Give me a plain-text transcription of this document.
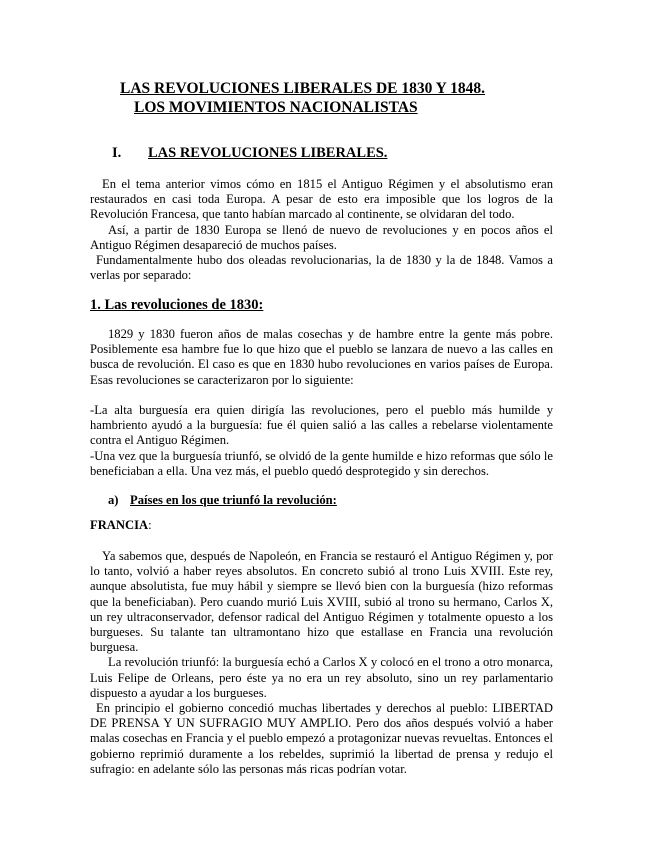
LAS REVOLUCIONES LIBERALES DE 1830 Y 1848.
LOS MOVIMIENTOS NACIONALISTAS
I. LAS REVOLUCIONES LIBERALES.

En el tema anterior vimos cómo en 1815 el Antiguo Régimen y el absolutismo eran restaurados en casi toda Europa. A pesar de esto era imposible que los logros de la Revolución Francesa, que tanto habían marcado al continente, se olvidaran del todo.

Así, a partir de 1830 Europa se llenó de nuevo de revoluciones y en pocos años el Antiguo Régimen desapareció de muchos países.

Fundamentalmente hubo dos oleadas revolucionarias, la de 1830 y la de 1848. Vamos a verlas por separado:

1. Las revoluciones de 1830:

1829 y 1830 fueron años de malas cosechas y de hambre entre la gente más pobre. Posiblemente esa hambre fue lo que hizo que el pueblo se lanzara de nuevo a las calles en busca de revolución. El caso es que en 1830 hubo revoluciones en varios países de Europa. Esas revoluciones se caracterizaron por lo siguiente:

-La alta burguesía era quien dirigía las revoluciones, pero el pueblo más humilde y hambriento ayudó a la burguesía: fue él quien salió a las calles a rebelarse violentamente contra el Antiguo Régimen.

-Una vez que la burguesía triunfó, se olvidó de la gente humilde e hizo reformas que sólo le beneficiaban a ella. Una vez más, el pueblo quedó desprotegido y sin derechos.

a) Países en los que triunfó la revolución:
FRANCIA:

Ya sabemos que, después de Napoleón, en Francia se restauró el Antiguo Régimen y, por lo tanto, volvió a haber reyes absolutos. En concreto subió al trono Luis XVIII. Este rey, aunque absolutista, fue muy hábil y siempre se llevó bien con la burguesía (hizo reformas que la beneficiaban). Pero cuando murió Luis XVIII, subió al trono su hermano, Carlos X, un rey ultraconservador, defensor radical del Antiguo Régimen y totalmente opuesto a los burgueses. Su talante tan ultramontano hizo que estallase en Francia una revolución burguesa.

La revolución triunfó: la burguesía echó a Carlos X y colocó en el trono a otro monarca, Luis Felipe de Orleans, pero éste ya no era un rey absoluto, sino un rey parlamentario dispuesto a ayudar a los burgueses.

En principio el gobierno concedió muchas libertades y derechos al pueblo: LIBERTAD DE PRENSA Y UN SUFRAGIO MUY AMPLIO. Pero dos años después volvió a haber malas cosechas en Francia y el pueblo empezó a protagonizar nuevas revueltas. Entonces el gobierno reprimió duramente a los rebeldes, suprimió la libertad de prensa y redujo el sufragio: en adelante sólo las personas más ricas podrían votar.
